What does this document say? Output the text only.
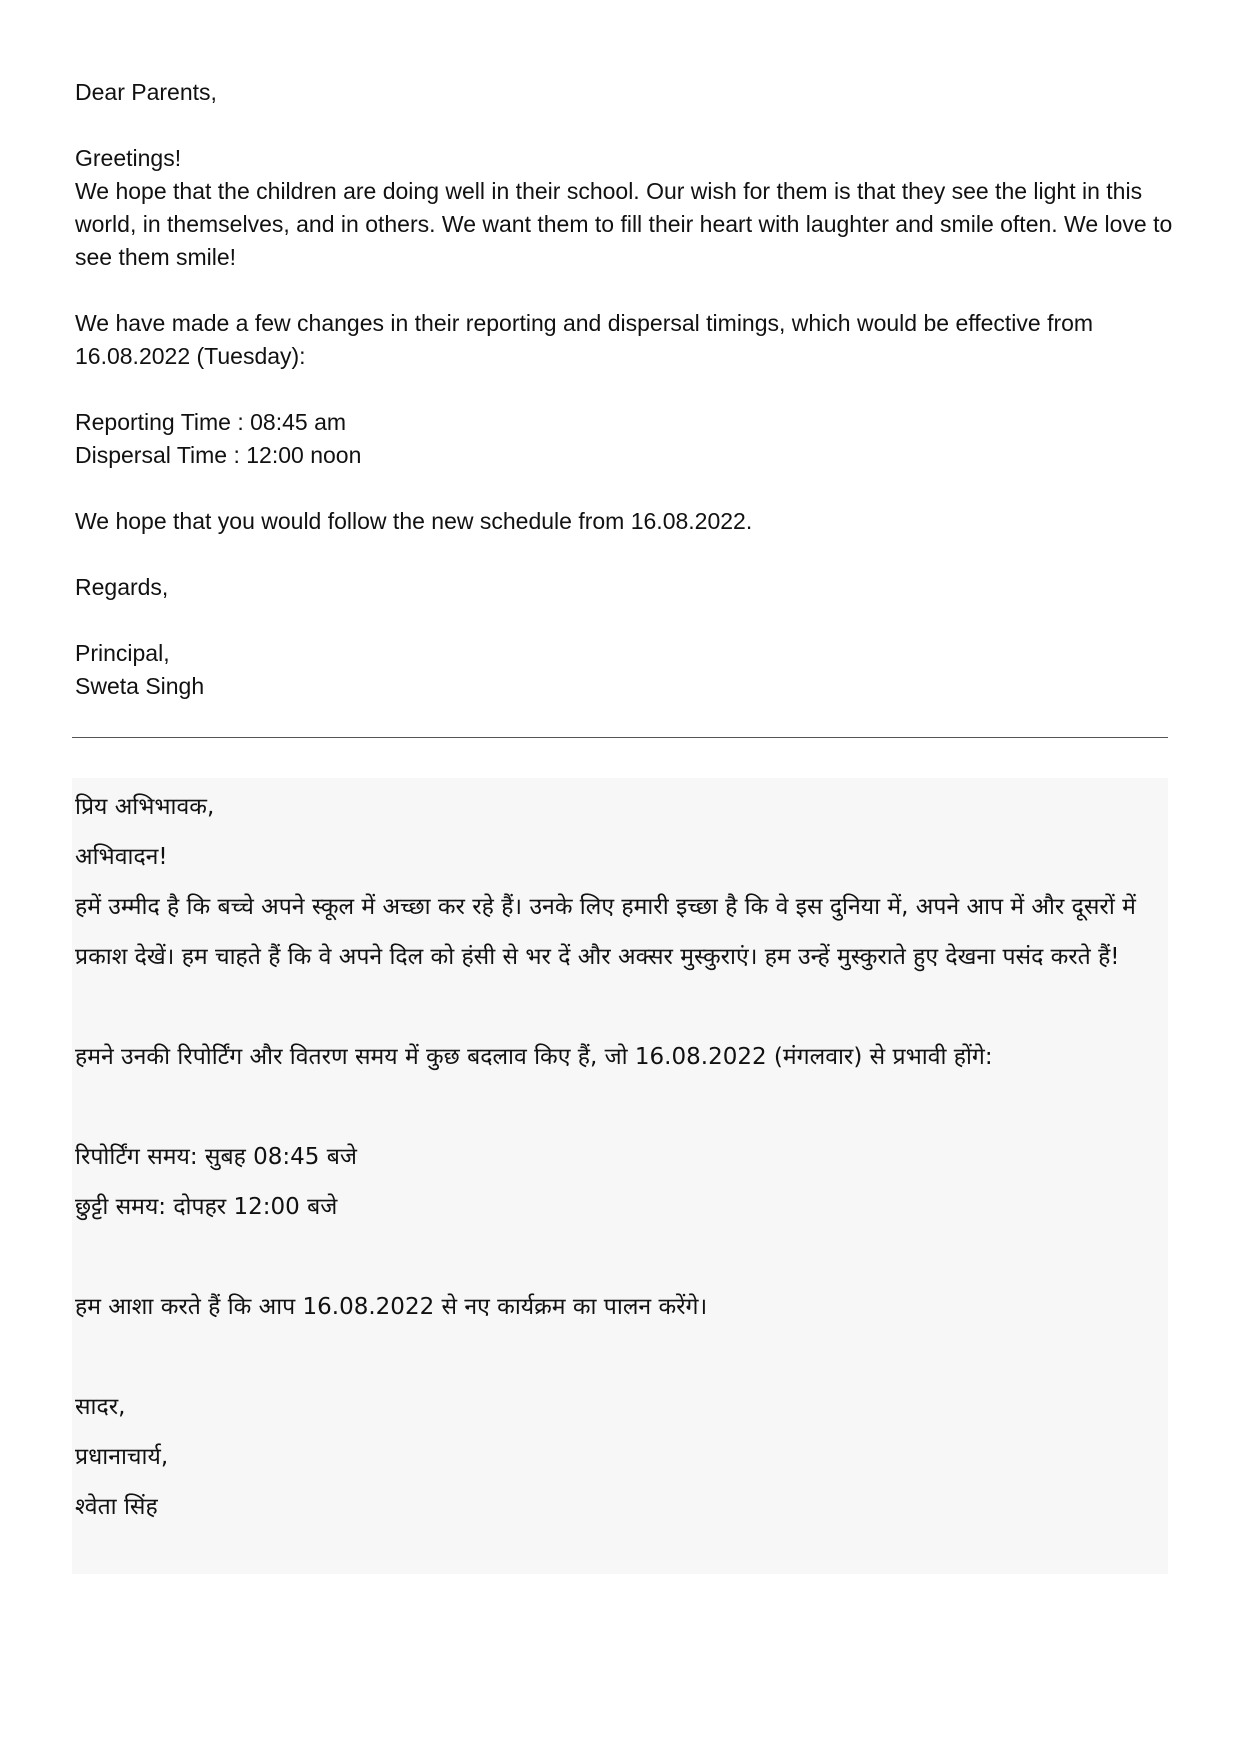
Dear Parents,

Greetings!

We hope that the children are doing well in their school. Our wish for them is that they see the light in this world, in themselves, and in others. We want them to fill their heart with laughter and smile often. We love to see them smile!

We have made a few changes in their reporting and dispersal timings, which would be effective from 16.08.2022 (Tuesday):

Reporting Time : 08:45 am

Dispersal Time : 12:00 noon

We hope that you would follow the new schedule from 16.08.2022.

Regards,

Principal,

Sweta Singh

प्रिय अभिभावक,

अभिवादन!

हमें उम्मीद है कि बच्चे अपने स्कूल में अच्छा कर रहे हैं। उनके लिए हमारी इच्छा है कि वे इस दुनिया में, अपने आप में और दूसरों में प्रकाश देखें। हम चाहते हैं कि वे अपने दिल को हंसी से भर दें और अक्सर मुस्कुराएं। हम उन्हें मुस्कुराते हुए देखना पसंद करते हैं!

हमने उनकी रिपोर्टिंग और वितरण समय में कुछ बदलाव किए हैं, जो 16.08.2022 (मंगलवार) से प्रभावी होंगे:

रिपोर्टिंग समय: सुबह 08:45 बजे

छुट्टी समय: दोपहर 12:00 बजे

हम आशा करते हैं कि आप 16.08.2022 से नए कार्यक्रम का पालन करेंगे।

सादर,

प्रधानाचार्य,

श्वेता सिंह
